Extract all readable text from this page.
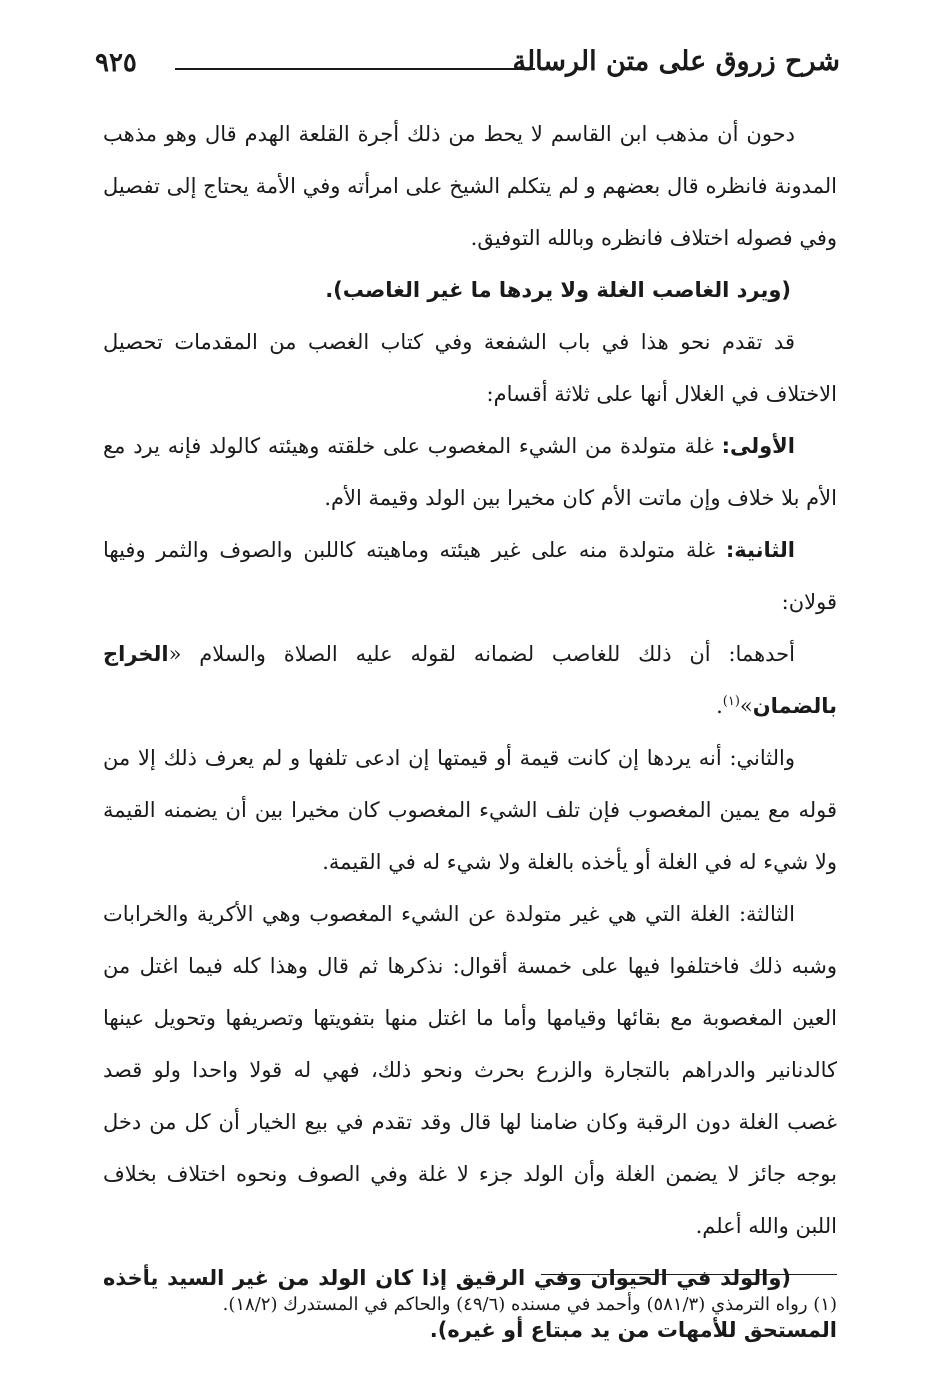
٩٢٥	شرح زروق على متن الرسالة

دحون أن مذهب ابن القاسم لا يحط من ذلك أجرة القلعة الهدم قال وهو مذهب المدونة فانظره قال بعضهم و لم يتكلم الشيخ على امرأته وفي الأمة يحتاج إلى تفصيل وفي فصوله اختلاف فانظره وبالله التوفيق.

(ويرد الغاصب الغلة ولا يردها ما غير الغاصب).

قد تقدم نحو هذا في باب الشفعة وفي كتاب الغصب من المقدمات تحصيل الاختلاف في الغلال أنها على ثلاثة أقسام:

الأولى: غلة متولدة من الشيء المغصوب على خلقته وهيئته كالولد فإنه يرد مع الأم بلا خلاف وإن ماتت الأم كان مخيرا بين الولد وقيمة الأم.

الثانية: غلة متولدة منه على غير هيئته وماهيته كاللبن والصوف والثمر وفيها قولان:

أحدهما: أن ذلك للغاصب لضمانه لقوله عليه الصلاة والسلام «الخراج بالضمان»$^{(١)}$.

والثاني: أنه يردها إن كانت قيمة أو قيمتها إن ادعى تلفها و لم يعرف ذلك إلا من قوله مع يمين المغصوب فإن تلف الشيء المغصوب كان مخيرا بين أن يضمنه القيمة ولا شيء له في الغلة أو يأخذه بالغلة ولا شيء له في القيمة.

الثالثة: الغلة التي هي غير متولدة عن الشيء المغصوب وهي الأكرية والخرابات وشبه ذلك فاختلفوا فيها على خمسة أقوال: نذكرها ثم قال وهذا كله فيما اغتل من العين المغصوبة مع بقائها وقيامها وأما ما اغتل منها بتفويتها وتصريفها وتحويل عينها كالدنانير والدراهم بالتجارة والزرع بحرث ونحو ذلك، فهي له قولا واحدا ولو قصد غصب الغلة دون الرقبة وكان ضامنا لها قال وقد تقدم في بيع الخيار أن كل من دخل بوجه جائز لا يضمن الغلة وأن الولد جزء لا غلة وفي الصوف ونحوه اختلاف بخلاف اللبن والله أعلم.

(والولد في الحيوان وفي الرقيق إذا كان الولد من غير السيد يأخذه المستحق للأمهات من يد مبتاع أو غيره).

(١) رواه الترمذي (٥٨١/٣) وأحمد في مسنده (٤٩/٦) والحاكم في المستدرك (١٨/٢).
